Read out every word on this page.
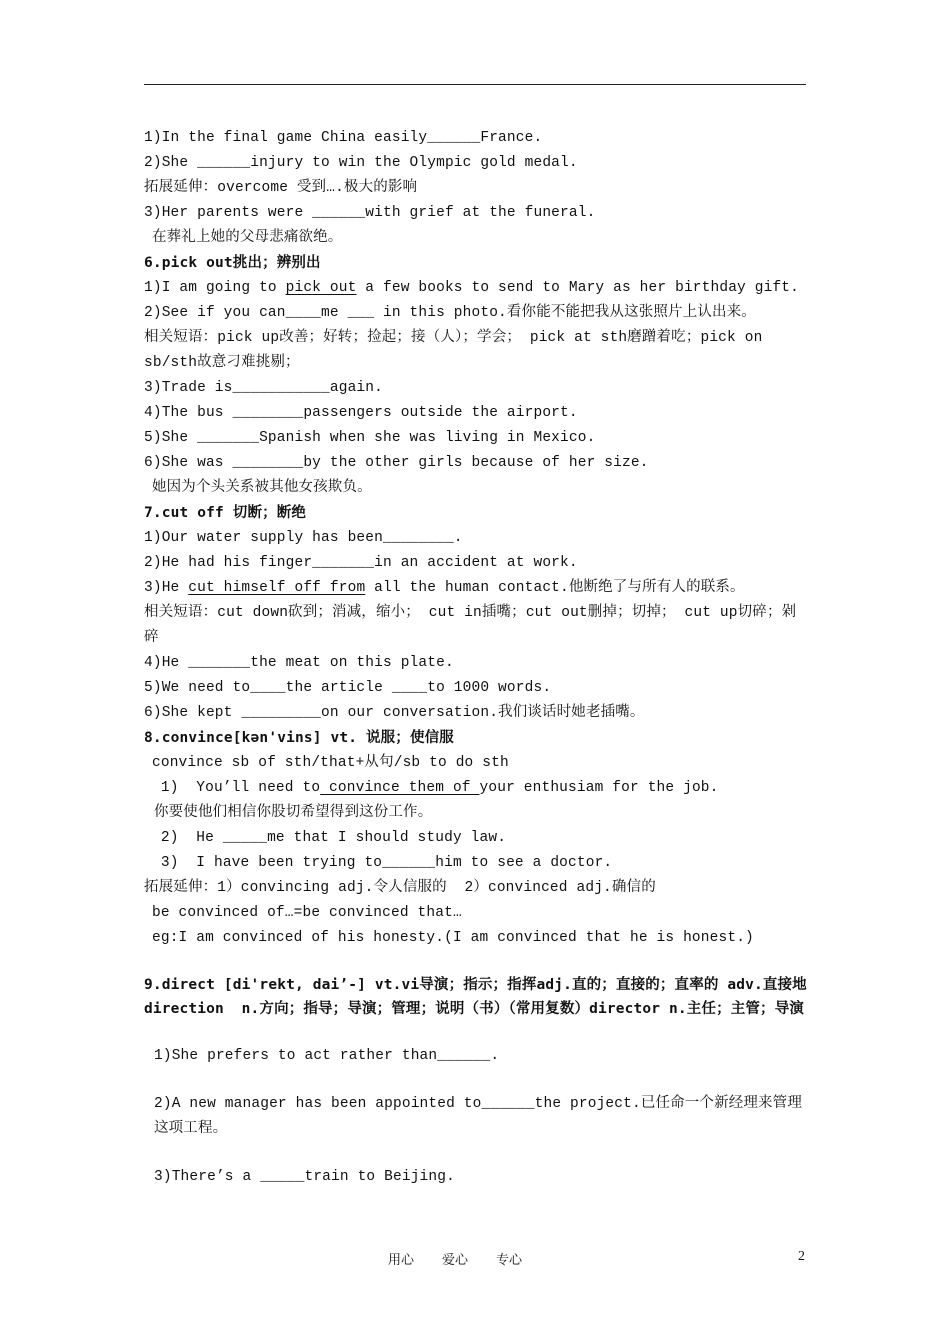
1)In the final game China easily______France.
2)She ______injury to win the Olympic gold medal.
拓展延伸：overcome 受到….极大的影响
3)Her parents were ______with grief at the funeral.
在葬礼上她的父母悲痛欲绝。
6.pick out挑出；辨别出
1)I am going to pick out a few books to send to Mary as her birthday gift.
2)See if you can____me ___ in this photo.看你能不能把我从这张照片上认出来。
相关短语：pick up改善；好转；捡起；接（人）；学会； pick at sth磨蹭着吃；pick on sb/sth故意刁难挑剔；
3)Trade is___________again.
4)The bus ________passengers outside the airport.
5)She _______Spanish when she was living in Mexico.
6)She was ________by the other girls because of her size.
她因为个头关系被其他女孩欺负。
7.cut off 切断；断绝
1)Our water supply has been________.
2)He had his finger_______in an accident at work.
3)He cut himself off from all the human contact.他断绝了与所有人的联系。
相关短语：cut down砍到；消减，缩小； cut in插嘴；cut out删掉；切掉； cut up切碎；剁碎
4)He _______the meat on this plate.
5)We need to____the article ____to 1000 words.
6)She kept _________on our conversation.我们谈话时她老插嘴。
8.convince[kən'vins] vt. 说服；使信服
convince sb of sth/that+从句/sb to do sth
1)  You’ll need to convince them of your enthusiam for the job.
你要使他们相信你股切希望得到这份工作。
2)  He _____me that I should study law.
3)  I have been trying to______him to see a doctor.
拓展延伸：1）convincing adj.令人信服的  2）convinced adj.确信的
be convinced of…=be convinced that…
eg:I am convinced of his honesty.(I am convinced that he is honest.)
9.direct [di'rekt, dai’-] vt.vi导演；指示；指挥adj.直的；直接的；直率的 adv.直接地 direction  n.方向；指导；导演；管理；说明（书）（常用复数）director n.主任；主管；导演
1)She prefers to act rather than______.
2)A new manager has been appointed to______the project.已任命一个新经理来管理这项工程。
3)There’s a _____train to Beijing.
用心 爱心 专心	2
